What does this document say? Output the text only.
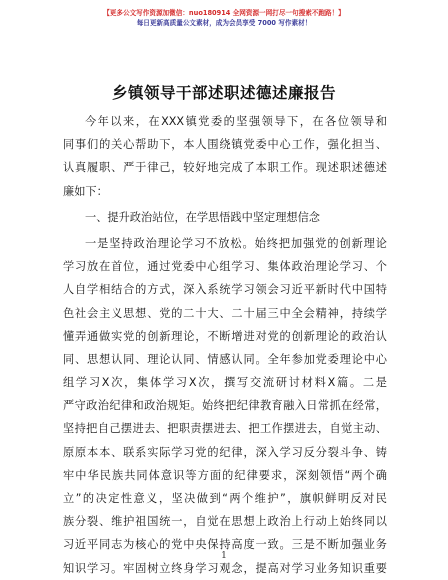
【更多公文写作资源加微信：nuo180914 全网资源一网打尽一句搜索不跑路！】
每日更新高质量公文素材，成为会员享受 7000 写作素材！
乡镇领导干部述职述德述廉报告
今年以来，在XXX镇党委的坚强领导下，在各位领导和
同事们的关心帮助下，本人围绕镇党委中心工作，强化担当、
认真履职、严于律己，较好地完成了本职工作。现述职述德述
廉如下：
一、提升政治站位，在学思悟践中坚定理想信念
一是坚持政治理论学习不放松。始终把加强党的创新理论
学习放在首位，通过党委中心组学习、集体政治理论学习、个
人自学相结合的方式，深入系统学习领会习近平新时代中国特
色社会主义思想、党的二十大、二十届三中全会精神，持续学
懂弄通做实党的创新理论，不断增进对党的创新理论的政治认
同、思想认同、理论认同、情感认同。全年参加党委理论中心
组学习X次，集体学习X次，撰写交流研讨材料X篇。二是
严守政治纪律和政治规矩。始终把纪律教育融入日常抓在经常，
坚持把自己摆进去、把职责摆进去、把工作摆进去，自觉主动、
原原本本、联系实际学习党的纪律，深入学习反分裂斗争、铸
牢中华民族共同体意识等方面的纪律要求，深刻领悟“两个确
立”的决定性意义，坚决做到“两个维护”，旗帜鲜明反对民
族分裂、维护祖国统一，自觉在思想上政治上行动上始终同以
习近平同志为核心的党中央保持高度一致。三是不断加强业务
知识学习。牢固树立终身学习观念，提高对学习业务知识重要
1
